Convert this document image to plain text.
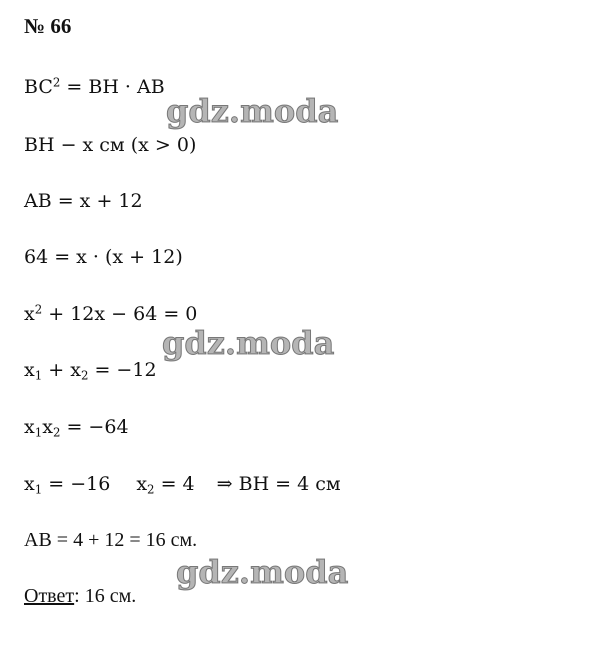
№ 66
$BC^2$ = BH · AB
BH − x см (x > 0)
AB = x + 12
64 = x · (x + 12)
$x^2 + 12x - 64 = 0$
$x_1 + x_2 = -12$
$x_1x_2 = -64$
$x_1 = -16$ $x_2 = 4$ ⇒ BH = 4 см
AB = 4 + 12 = 16 см.
Ответ: 16 см.
gdz.moda
gdz.moda
gdz.moda
